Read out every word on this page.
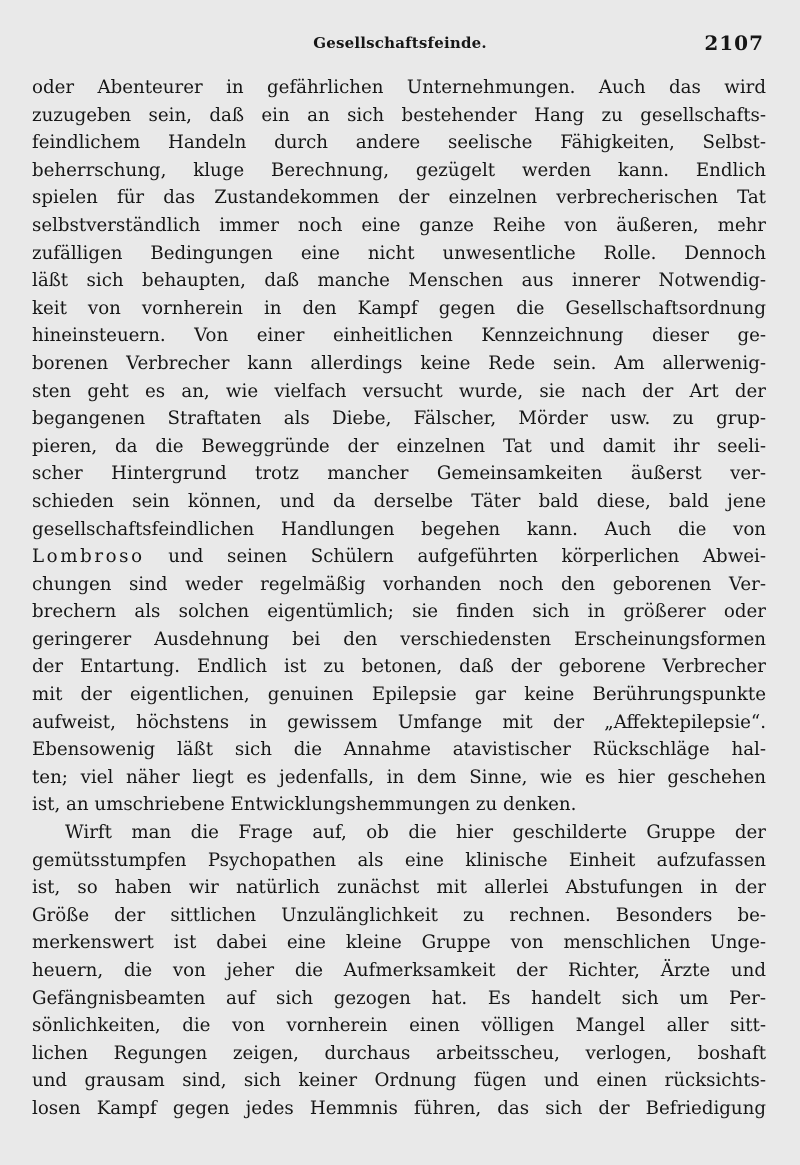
Gesellschaftsfeinde.	2107
oder Abenteurer in gefährlichen Unternehmungen. Auch das wird
zuzugeben sein, daß ein an sich bestehender Hang zu gesellschafts-
feindlichem Handeln durch andere seelische Fähigkeiten, Selbst-
beherrschung, kluge Berechnung, gezügelt werden kann. Endlich
spielen für das Zustandekommen der einzelnen verbrecherischen Tat
selbstverständlich immer noch eine ganze Reihe von äußeren, mehr
zufälligen Bedingungen eine nicht unwesentliche Rolle. Dennoch
läßt sich behaupten, daß manche Menschen aus innerer Notwendig-
keit von vornherein in den Kampf gegen die Gesellschaftsordnung
hineinsteuern. Von einer einheitlichen Kennzeichnung dieser ge-
borenen Verbrecher kann allerdings keine Rede sein. Am allerwenig-
sten geht es an, wie vielfach versucht wurde, sie nach der Art der
begangenen Straftaten als Diebe, Fälscher, Mörder usw. zu grup-
pieren, da die Beweggründe der einzelnen Tat und damit ihr seeli-
scher Hintergrund trotz mancher Gemeinsamkeiten äußerst ver-
schieden sein können, und da derselbe Täter bald diese, bald jene
gesellschaftsfeindlichen Handlungen begehen kann. Auch die von
Lombroso und seinen Schülern aufgeführten körperlichen Abwei-
chungen sind weder regelmäßig vorhanden noch den geborenen Ver-
brechern als solchen eigentümlich; sie finden sich in größerer oder
geringerer Ausdehnung bei den verschiedensten Erscheinungsformen
der Entartung. Endlich ist zu betonen, daß der geborene Verbrecher
mit der eigentlichen, genuinen Epilepsie gar keine Berührungspunkte
aufweist, höchstens in gewissem Umfange mit der „Affektepilepsie“.
Ebensowenig läßt sich die Annahme atavistischer Rückschläge hal-
ten; viel näher liegt es jedenfalls, in dem Sinne, wie es hier geschehen
ist, an umschriebene Entwicklungshemmungen zu denken.
Wirft man die Frage auf, ob die hier geschilderte Gruppe der
gemütsstumpfen Psychopathen als eine klinische Einheit aufzufassen
ist, so haben wir natürlich zunächst mit allerlei Abstufungen in der
Größe der sittlichen Unzulänglichkeit zu rechnen. Besonders be-
merkenswert ist dabei eine kleine Gruppe von menschlichen Unge-
heuern, die von jeher die Aufmerksamkeit der Richter, Ärzte und
Gefängnisbeamten auf sich gezogen hat. Es handelt sich um Per-
sönlichkeiten, die von vornherein einen völligen Mangel aller sitt-
lichen Regungen zeigen, durchaus arbeitsscheu, verlogen, boshaft
und grausam sind, sich keiner Ordnung fügen und einen rücksichts-
losen Kampf gegen jedes Hemmnis führen, das sich der Befriedigung
